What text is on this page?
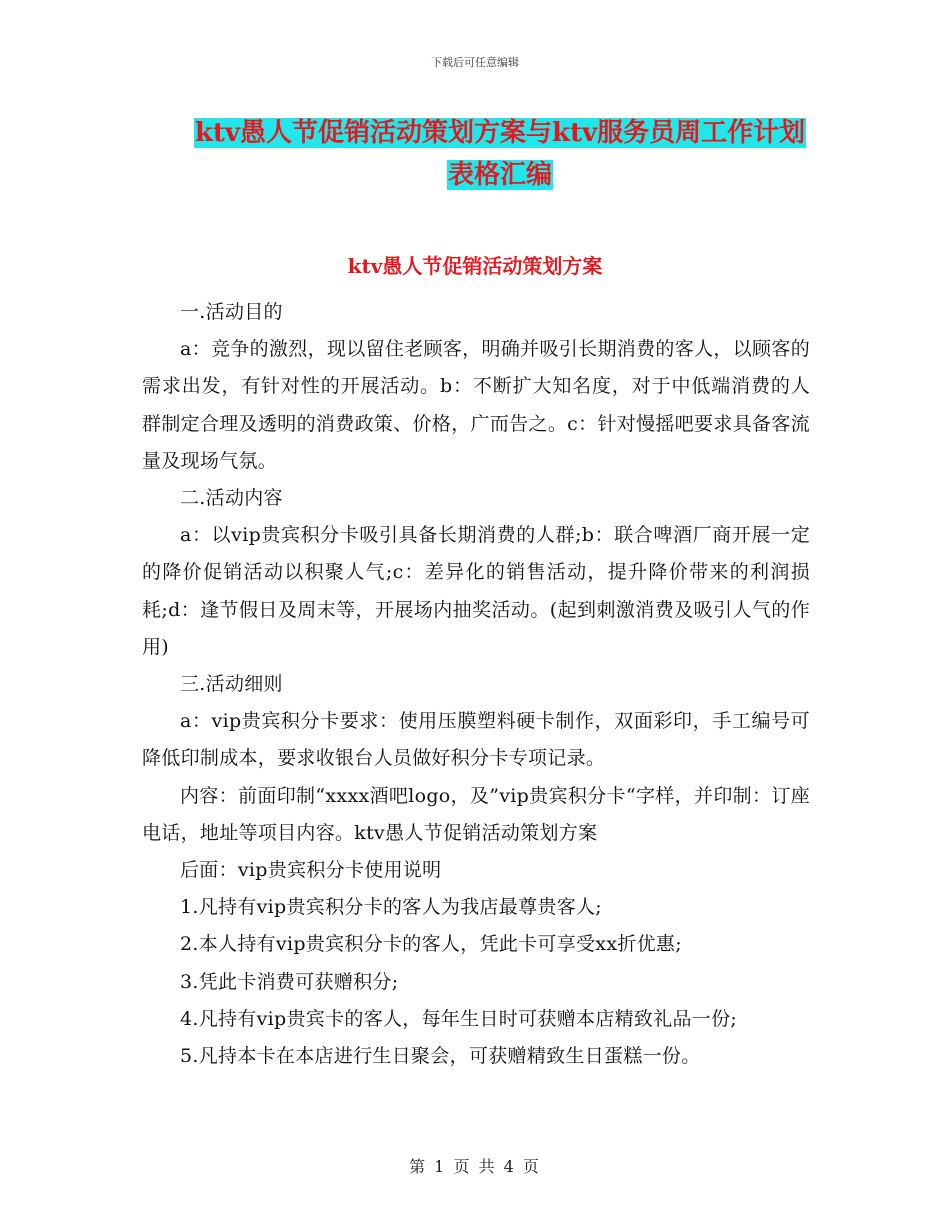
下载后可任意编辑
ktv愚人节促销活动策划方案与ktv服务员周工作计划
表格汇编
ktv愚人节促销活动策划方案

一.活动目的

a：竞争的激烈，现以留住老顾客，明确并吸引长期消费的客人，以顾客的需求出发，有针对性的开展活动。b：不断扩大知名度，对于中低端消费的人群制定合理及透明的消费政策、价格，广而告之。c：针对慢摇吧要求具备客流量及现场气氛。

二.活动内容

a：以vip贵宾积分卡吸引具备长期消费的人群;b：联合啤酒厂商开展一定的降价促销活动以积聚人气;c：差异化的销售活动，提升降价带来的利润损耗;d：逢节假日及周末等，开展场内抽奖活动。(起到刺激消费及吸引人气的作用)

三.活动细则

a：vip贵宾积分卡要求：使用压膜塑料硬卡制作，双面彩印，手工编号可降低印制成本，要求收银台人员做好积分卡专项记录。

内容：前面印制“xxxx酒吧logo，及”vip贵宾积分卡“字样，并印制：订座电话，地址等项目内容。ktv愚人节促销活动策划方案

后面：vip贵宾积分卡使用说明

1.凡持有vip贵宾积分卡的客人为我店最尊贵客人;

2.本人持有vip贵宾积分卡的客人，凭此卡可享受xx折优惠;

3.凭此卡消费可获赠积分;

4.凡持有vip贵宾卡的客人，每年生日时可获赠本店精致礼品一份;

5.凡持本卡在本店进行生日聚会，可获赠精致生日蛋糕一份。

第 1 页 共 4 页
